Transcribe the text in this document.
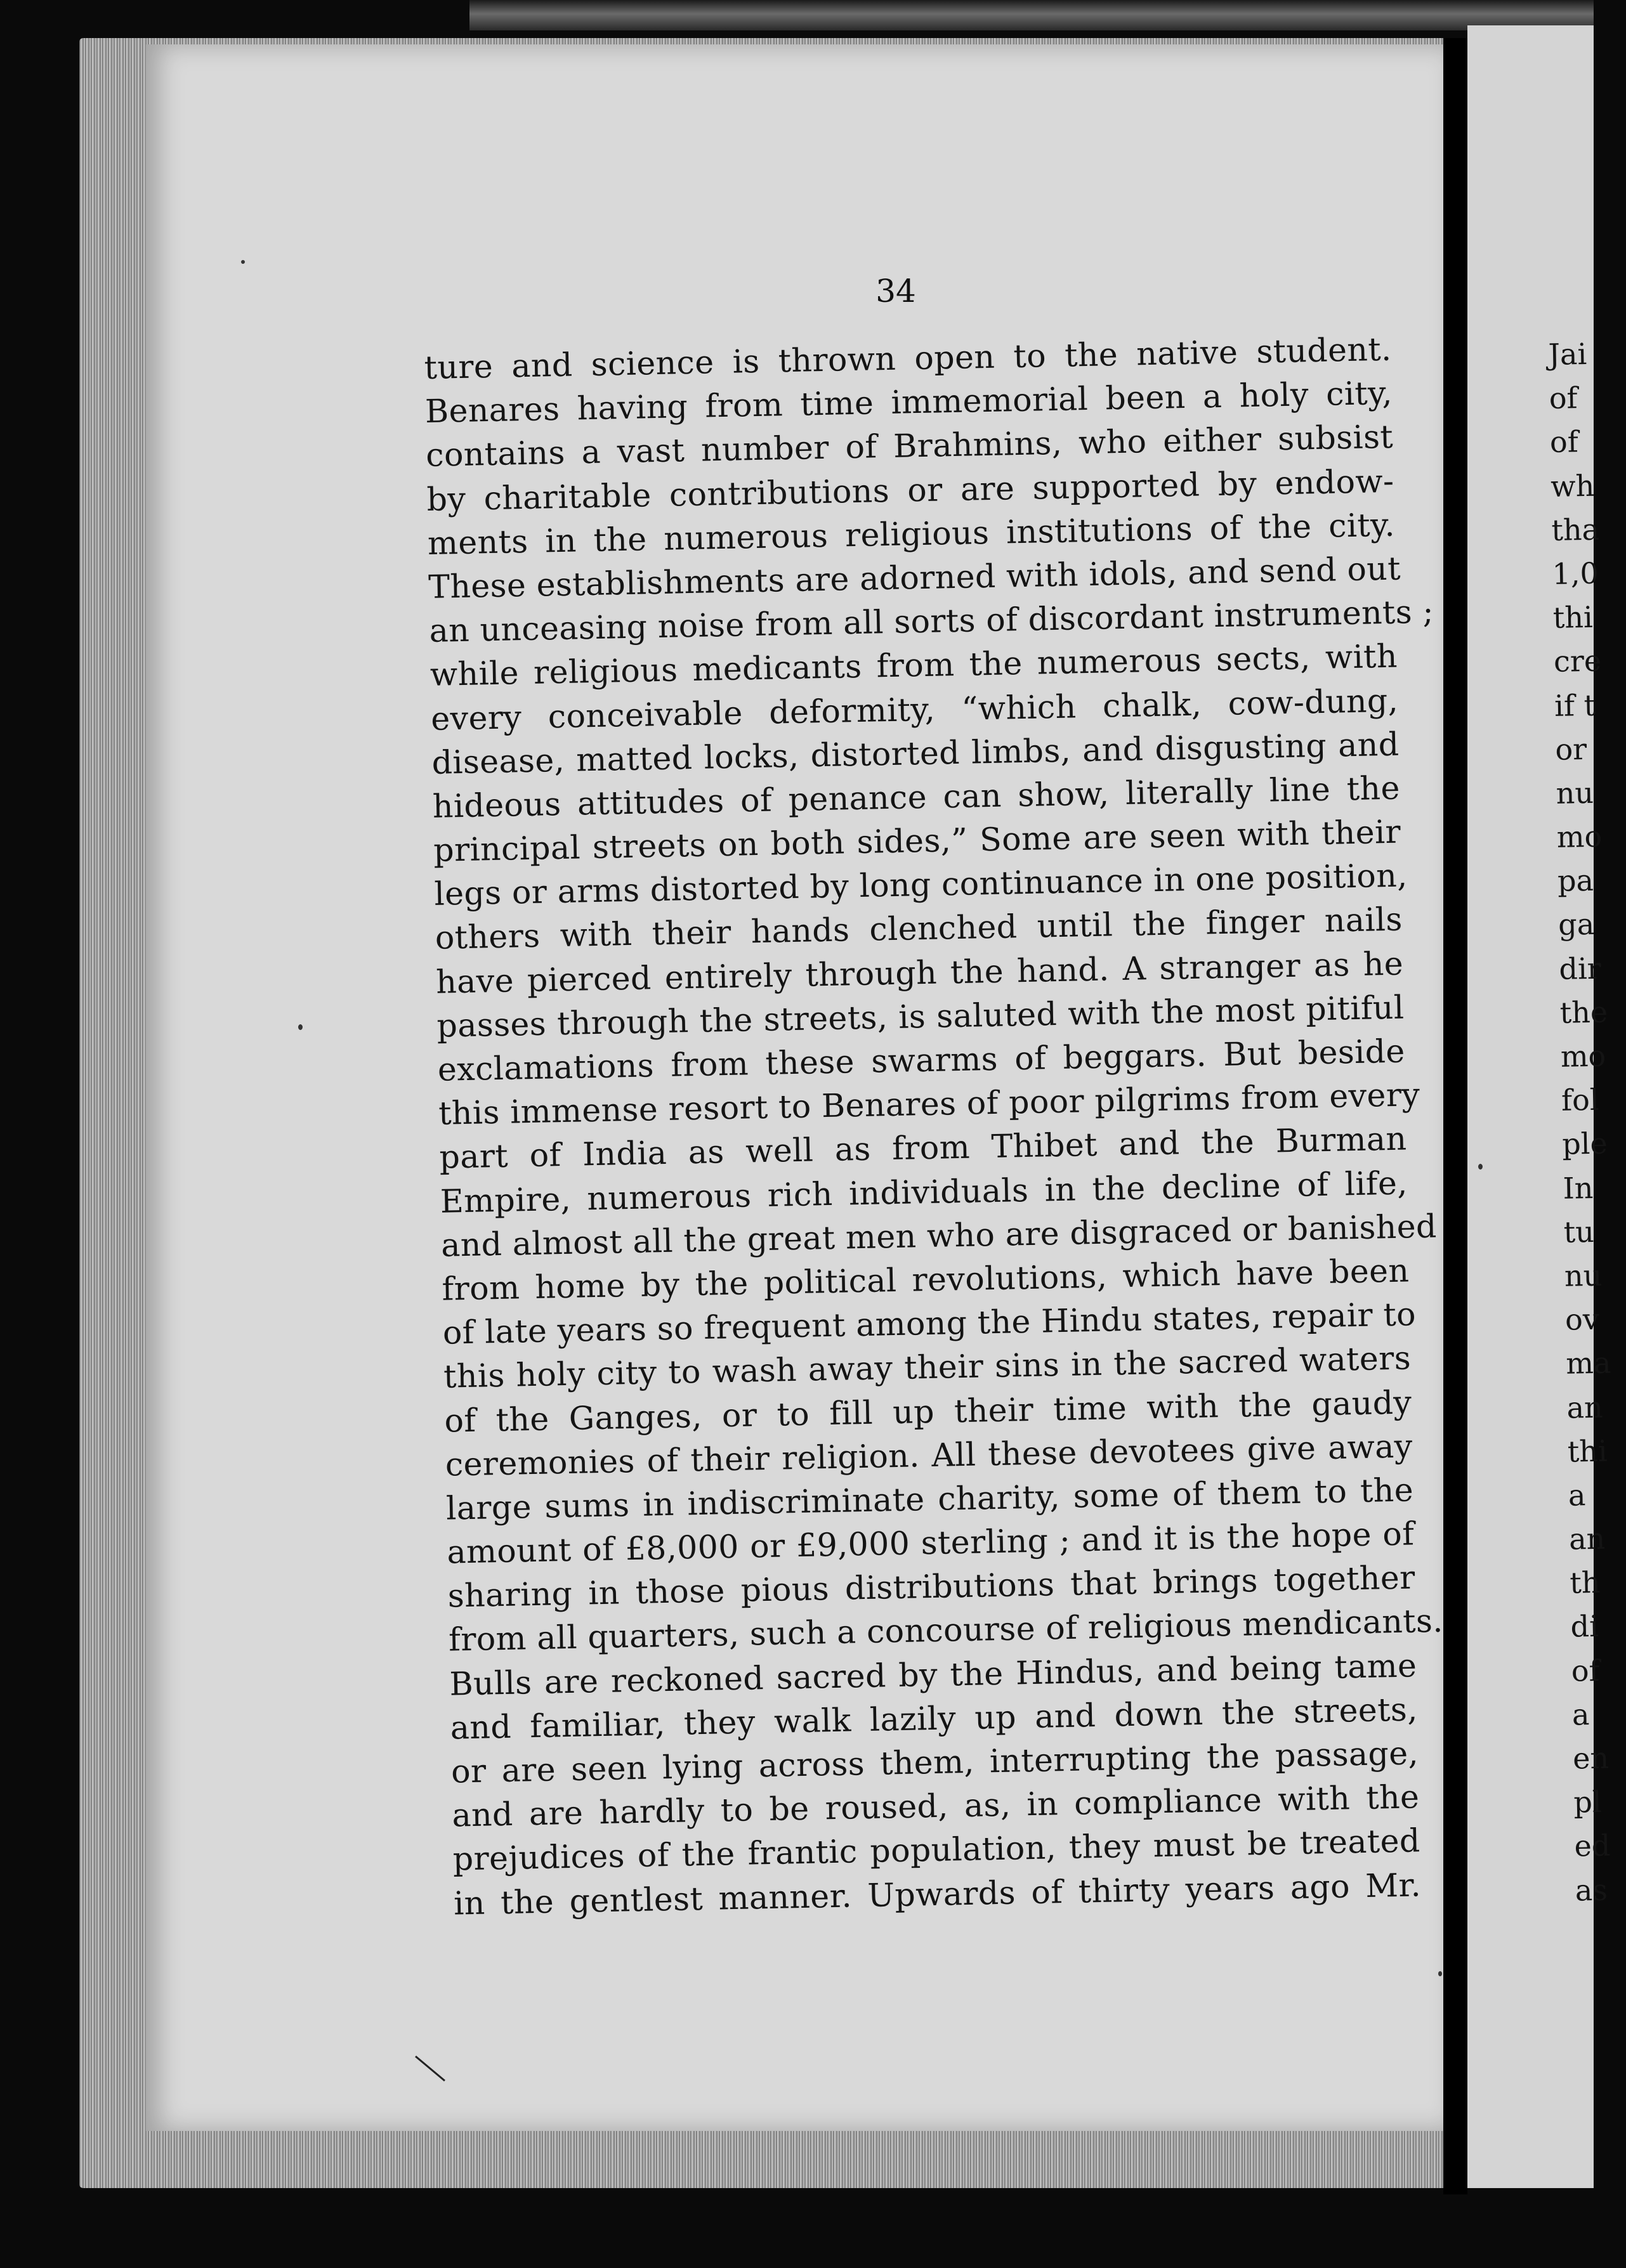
34
ture and science is thrown open to the native student.
Benares having from time immemorial been a holy city,
contains a vast number of Brahmins, who either subsist
by charitable contributions or are supported by endow-
ments in the numerous religious institutions of the city.
These establishments are adorned with idols, and send out
an unceasing noise from all sorts of discordant instruments ;
while religious medicants from the numerous sects, with
every conceivable deformity, “which chalk, cow-dung,
disease, matted locks, distorted limbs, and disgusting and
hideous attitudes of penance can show, literally line the
principal streets on both sides,” Some are seen with their
legs or arms distorted by long continuance in one position,
others with their hands clenched until the finger nails
have pierced entirely through the hand. A stranger as he
passes through the streets, is saluted with the most pitiful
exclamations from these swarms of beggars. But beside
this immense resort to Benares of poor pilgrims from every
part of India as well as from Thibet and the Burman
Empire, numerous rich individuals in the decline of life,
and almost all the great men who are disgraced or banished
from home by the political revolutions, which have been
of late years so frequent among the Hindu states, repair to
this holy city to wash away their sins in the sacred waters
of the Ganges, or to fill up their time with the gaudy
ceremonies of their religion. All these devotees give away
large sums in indiscriminate charity, some of them to the
amount of £8,000 or £9,000 sterling ; and it is the hope of
sharing in those pious distributions that brings together
from all quarters, such a concourse of religious mendicants.
Bulls are reckoned sacred by the Hindus, and being tame
and familiar, they walk lazily up and down the streets,
or are seen lying across them, interrupting the passage,
and are hardly to be roused, as, in compliance with the
prejudices of the frantic population, they must be treated
in the gentlest manner. Upwards of thirty years ago Mr.
Jai
of
of
wh
tha
1,0
thi
cre
if t
or
nu
mo
pa
ga
dir
the
mo
fol
ple
In
tu
nu
ov
ma
an
thi
a
an
th
di
of
a
en
pl
ed
as
